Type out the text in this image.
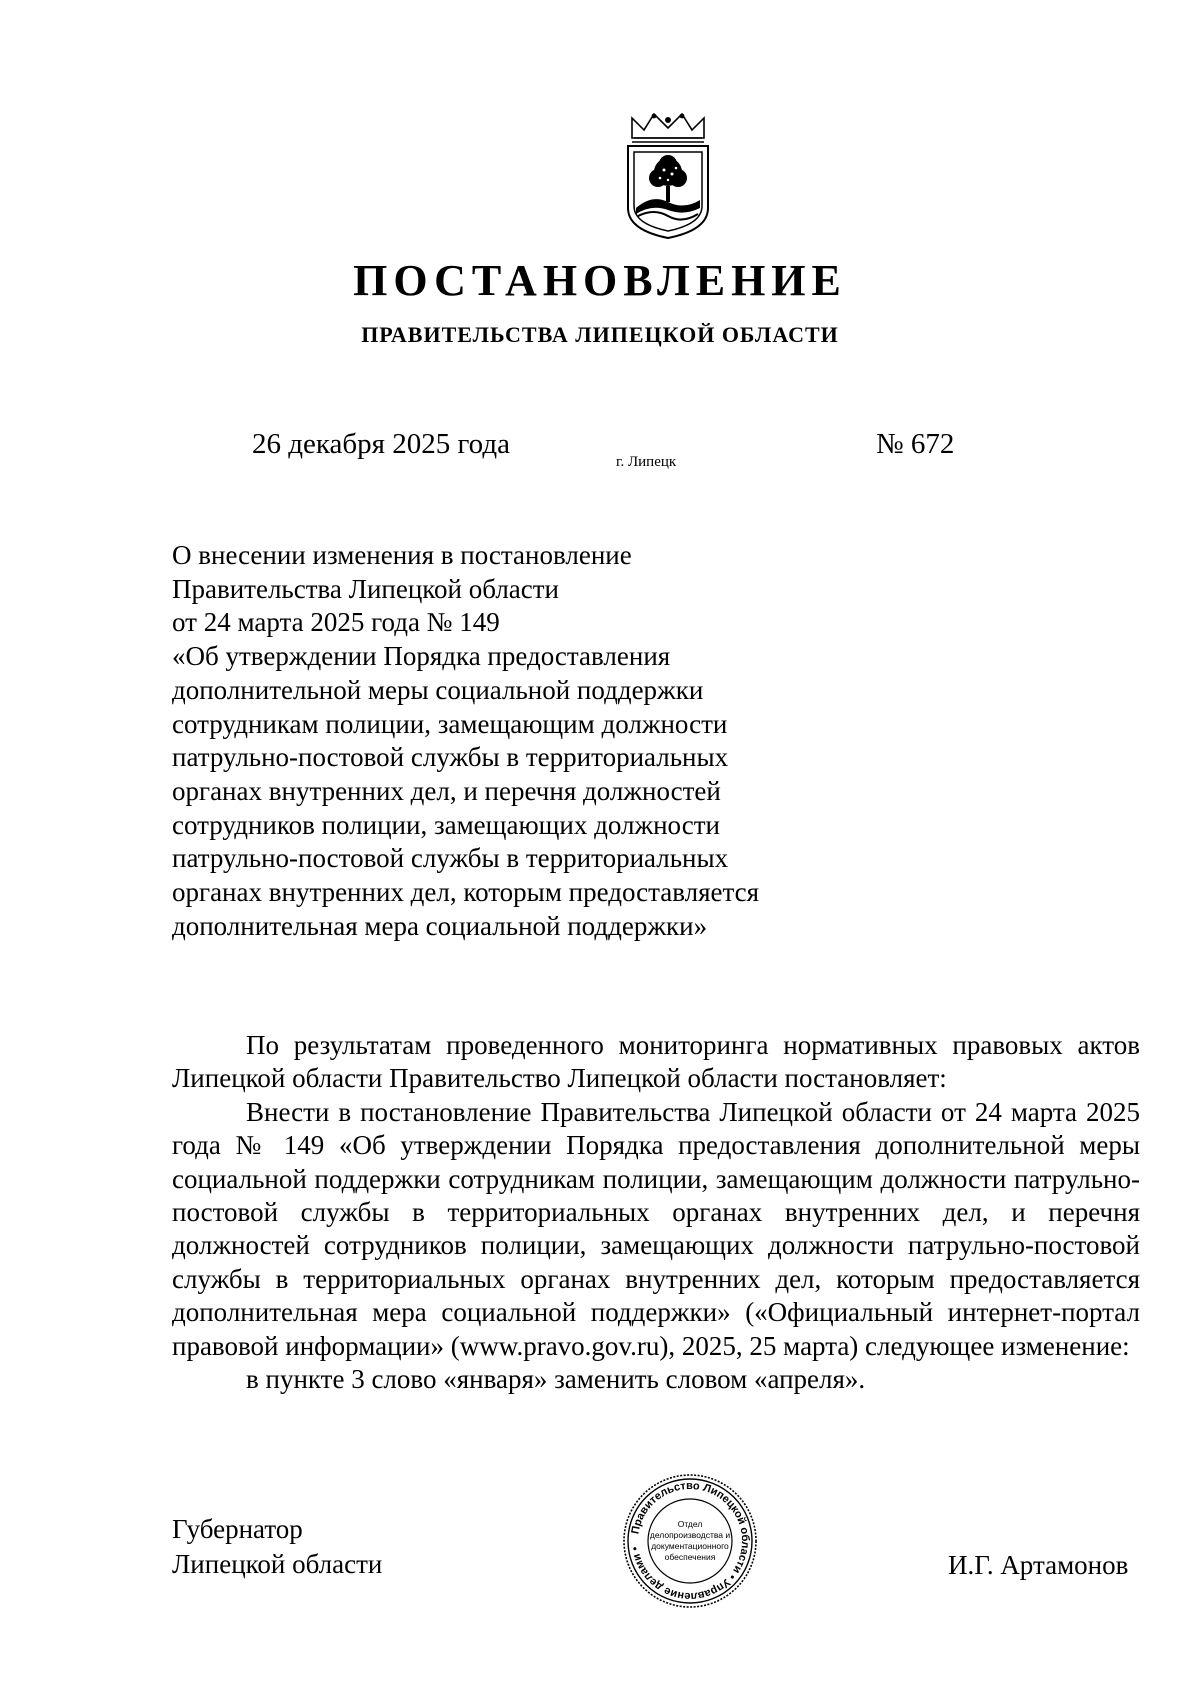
ПОСТАНОВЛЕНИЕ
ПРАВИТЕЛЬСТВА ЛИПЕЦКОЙ ОБЛАСТИ
26 декабря 2025 года
г. Липецк
№ 672
О внесении изменения в постановление
Правительства Липецкой области
от 24 марта 2025 года № 149
«Об утверждении Порядка предоставления
дополнительной меры социальной поддержки
сотрудникам полиции, замещающим должности
патрульно-постовой службы в территориальных
органах внутренних дел, и перечня должностей
сотрудников полиции, замещающих должности
патрульно-постовой службы в территориальных
органах внутренних дел, которым предоставляется
дополнительная мера социальной поддержки»
По результатам проведенного мониторинга нормативных правовых актов Липецкой области Правительство Липецкой области постановляет:
Внести в постановление Правительства Липецкой области от 24 марта 2025 года № 149 «Об утверждении Порядка предоставления дополнительной меры социальной поддержки сотрудникам полиции, замещающим должности патрульно-постовой службы в территориальных органах внутренних дел, и перечня должностей сотрудников полиции, замещающих должности патрульно-постовой службы в территориальных органах внутренних дел, которым предоставляется дополнительная мера социальной поддержки» («Официальный интернет-портал правовой информации» (www.pravo.gov.ru), 2025, 25 марта) следующее изменение:
в пункте 3 слово «января» заменить словом «апреля».
Губернатор
Липецкой области
Правительство Липецкой области • Управление делами •
Отдел
делопроизводства и
документационного
обеспечения	И.Г. Артамонов
